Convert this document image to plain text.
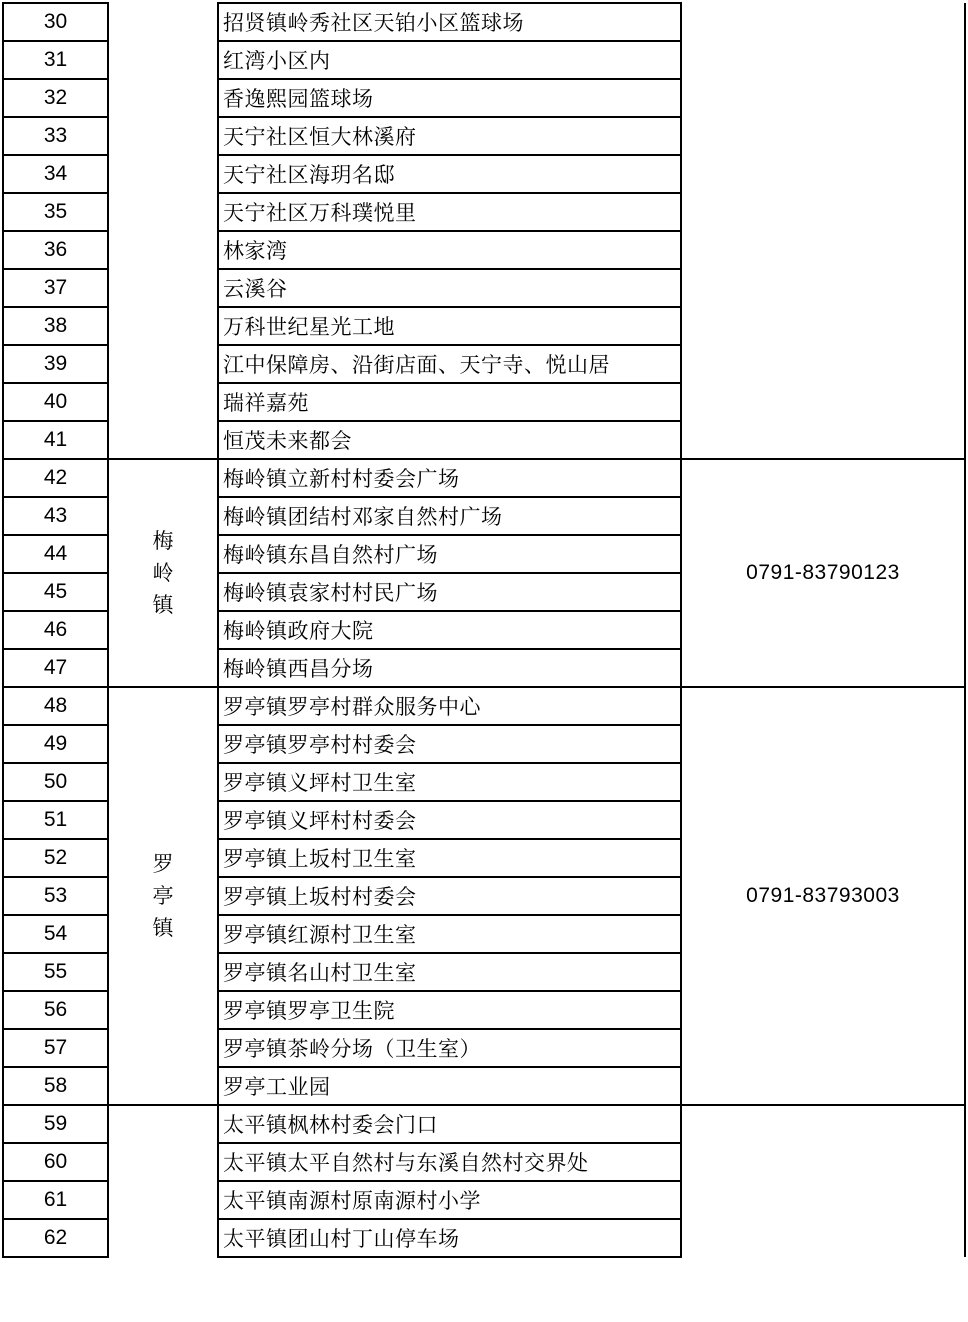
30		招贤镇岭秀社区天铂小区篮球场	
31		红湾小区内	
32		香逸熙园篮球场	
33		天宁社区恒大林溪府	
34		天宁社区海玥名邸	
35		天宁社区万科璞悦里	
36		林家湾	
37		云溪谷	
38		万科世纪星光工地	
39		江中保障房、沿街店面、天宁寺、悦山居	
40		瑞祥嘉苑	
41		恒茂未来都会	
42	梅岭镇	梅岭镇立新村村委会广场	0791-83790123
43		梅岭镇团结村邓家自然村广场	
44		梅岭镇东昌自然村广场	
45		梅岭镇袁家村村民广场	
46		梅岭镇政府大院	
47		梅岭镇西昌分场	
48	罗亭镇	罗亭镇罗亭村群众服务中心	0791-83793003
49		罗亭镇罗亭村村委会	
50		罗亭镇义坪村卫生室	
51		罗亭镇义坪村村委会	
52		罗亭镇上坂村卫生室	
53		罗亭镇上坂村村委会	
54		罗亭镇红源村卫生室	
55		罗亭镇名山村卫生室	
56		罗亭镇罗亭卫生院	
57		罗亭镇茶岭分场（卫生室）	
58		罗亭工业园	
59		太平镇枫林村委会门口	
60		太平镇太平自然村与东溪自然村交界处	
61		太平镇南源村原南源村小学	
62		太平镇团山村丁山停车场	
